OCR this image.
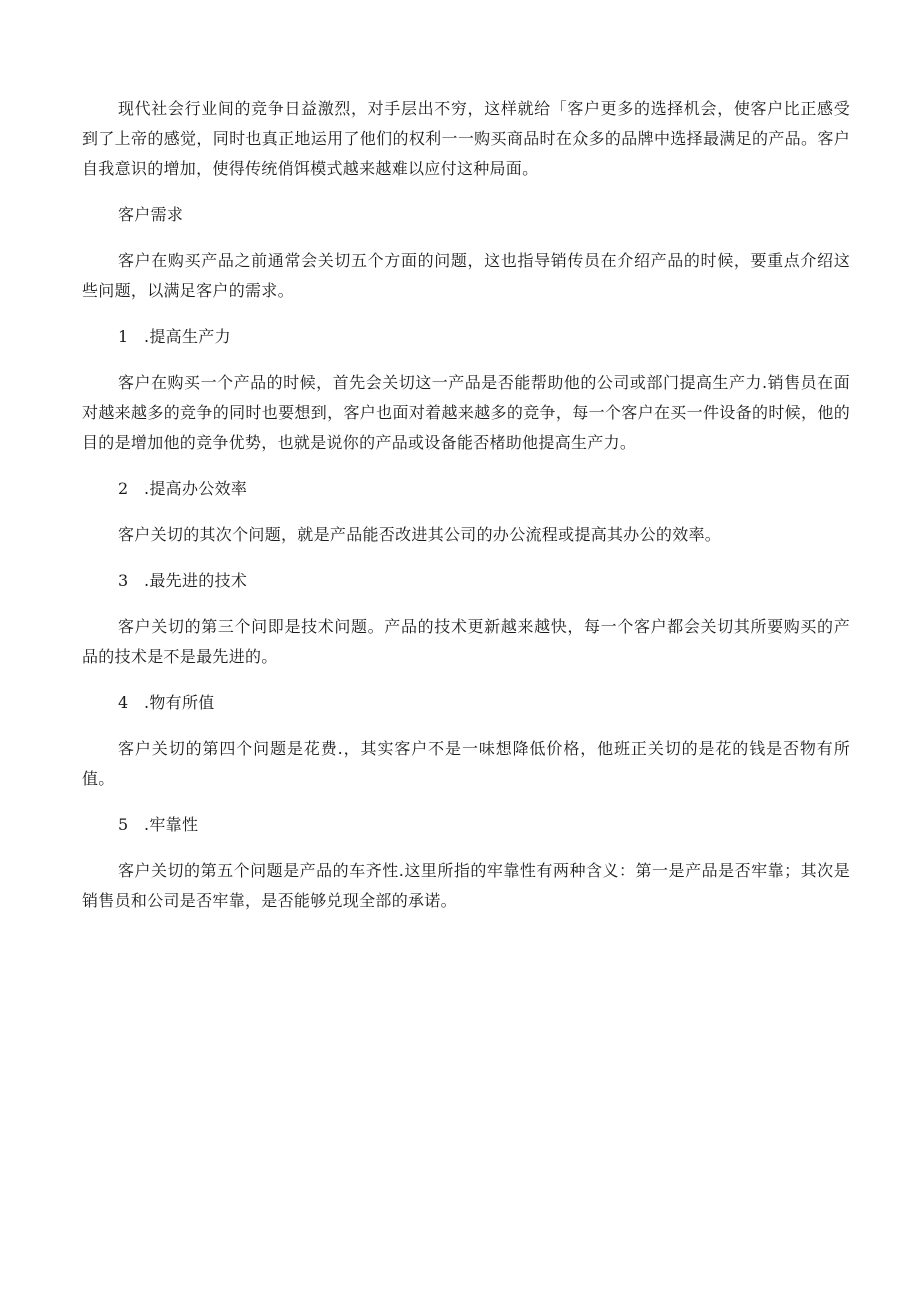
现代社会行业间的竞争日益激烈，对手层出不穷，这样就给「客户更多的选择机会，使客户比正感受到了上帝的感觉，同时也真正地运用了他们的权利一一购买商品时在众多的品牌中选择最满足的产品。客户自我意识的增加，使得传统俏饵模式越来越难以应付这种局面。

客户需求

客户在购买产品之前通常会关切五个方面的问题，这也指导销传员在介绍产品的时候，要重点介绍这些问题，以满足客户的需求。

1 .提高生产力

客户在购买一个产品的时候，首先会关切这一产品是否能帮助他的公司或部门提高生产力.销售员在面对越来越多的竞争的同时也要想到，客户也面对着越来越多的竞争，每一个客户在买一件设备的时候，他的目的是增加他的竞争优势，也就是说你的产品或设备能否楮助他提高生产力。

2 .提高办公效率

客户关切的其次个问题，就是产品能否改进其公司的办公流程或提高其办公的效率。

3 .最先进的技术

客户关切的第三个问即是技术问题。产品的技术更新越来越快，每一个客户都会关切其所要购买的产品的技术是不是最先进的。

4 .物有所值

客户关切的第四个问题是花费.，其实客户不是一味想降低价格，他班正关切的是花的钱是否物有所值。

5 .牢靠性

客户关切的第五个问题是产品的车齐性.这里所指的牢靠性有两种含义：第一是产品是否牢靠；其次是销售员和公司是否牢靠，是否能够兑现全部的承诺。
